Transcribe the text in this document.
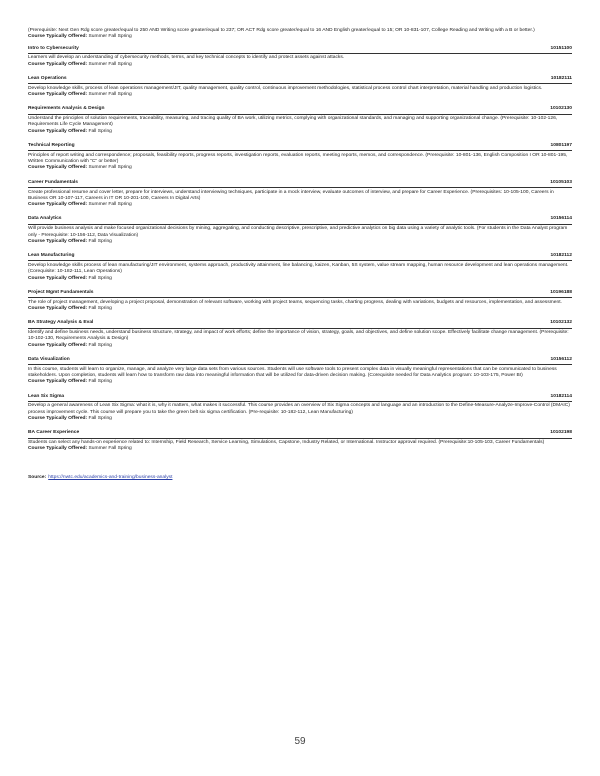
(Prerequisite: Next Gen Rdg score greater/equal to 250 AND Writing score greater/equal to 237; OR ACT Rdg score greater/equal to 16 AND English greater/equal to 15; OR 10-831-107, College Reading and Writing with a B or better.)

Course Typically Offered: Summer Fall Spring
Intro to Cybersecurity	10151100

Learners will develop an understanding of cybersecurity methods, terms, and key technical concepts to identify and protect assets against attacks.

Course Typically Offered: Summer Fall Spring
Lean Operations	10182111

Develop knowledge skills, process of lean operations management/JIT, quality management, quality control, continuous improvement methodologies, statistical process control chart interpretation, material handling and production logistics.

Course Typically Offered: Summer Fall Spring
Requirements Analysis & Design	10102130

Understand the principles of solution requirements, traceability, measuring, and tracing quality of BA work, utilizing metrics, complying with organizational standards, and managing and supporting organizational change. (Prerequisite: 10-102-126, Requirements Life Cycle Management)

Course Typically Offered: Fall Spring
Technical Reporting	10801197

Principles of report writing and correspondence; proposals, feasibility reports, progress reports, investigation reports, evaluation reports, meeting reports, memos, and correspondence. (Prerequisite: 10-801-136, English Composition I OR 10-801-195, Written Communication with "C" or better)

Course Typically Offered: Summer Fall Spring
Career Fundamentals	10105103

Create professional resume and cover letter, prepare for interviews, understand interviewing techniques, participate in a mock interview, evaluate outcomes of interview, and prepare for Career Experience. (Prerequisites: 10-105-100, Careers in Business OR 10-107-117, Careers in IT OR 10-201-100, Careers In Digital Arts)

Course Typically Offered: Summer Fall Spring
Data Analytics	10156114

Will provide business analysis and make focused organizational decisions by mining, aggregating, and conducting descriptive, prescriptive, and predictive analytics on big data using a variety of analytic tools. (For students in the Data Analyst program only - Prerequisite: 10-156-112, Data Visualization)

Course Typically Offered: Fall Spring
Lean Manufacturing	10182112

Develop knowledge skills process of lean manufacturing/JIT environment, systems approach, productivity attainment, line balancing, kaizen, Kanban, 5S system, value stream mapping, human resource development and lean operations management. (Corequisite: 10-182-111, Lean Operations)

Course Typically Offered: Fall Spring
Project Mgmt Fundamentals	10196188

The role of project management, developing a project proposal, demonstration of relevant software, working with project teams, sequencing tasks, charting progress, dealing with variations, budgets and resources, implementation, and assessment.

Course Typically Offered: Fall Spring
BA Strategy Analysis & Eval	10102132

Identify and define business needs, understand business structure, strategy, and impact of work efforts; define the importance of vision, strategy, goals, and objectives, and define solution scope. Effectively facilitate change management. (Prerequisite: 10-102-130, Requirements Analysis & Design)

Course Typically Offered: Fall Spring
Data Visualization	10156112

In this course, students will learn to organize, manage, and analyze very large data sets from various sources. Students will use software tools to present complex data in visually meaningful representations that can be communicated to business stakeholders. Upon completion, students will learn how to transform raw data into meaningful information that will be utilized for data-driven decision making. (Corequisite needed for Data Analytics program: 10-103-175, Power BI)

Course Typically Offered: Fall Spring
Lean Six Sigma	10182114

Develop a general awareness of Lean Six Sigma: what it is, why it matters, what makes it successful. This course provides an overview of Six Sigma concepts and language and an introduction to the Define-Measure-Analyze-Improve-Control (DMAIC) process improvement cycle. This course will prepare you to take the green belt six sigma certification. (Pre-requisite: 10-182-112, Lean Manufacturing)

Course Typically Offered: Fall Spring
BA Career Experience	10102198

Students can select any hands-on experience related to: Internship, Field Research, Service Learning, Simulations, Capstone, Industry Related, or International. Instructor approval required. (Prerequisite:10-105-103, Career Fundamentals)

Course Typically Offered: Summer Fall Spring
Source: https://nwtc.edu/academics-and-training/business-analyst
59
